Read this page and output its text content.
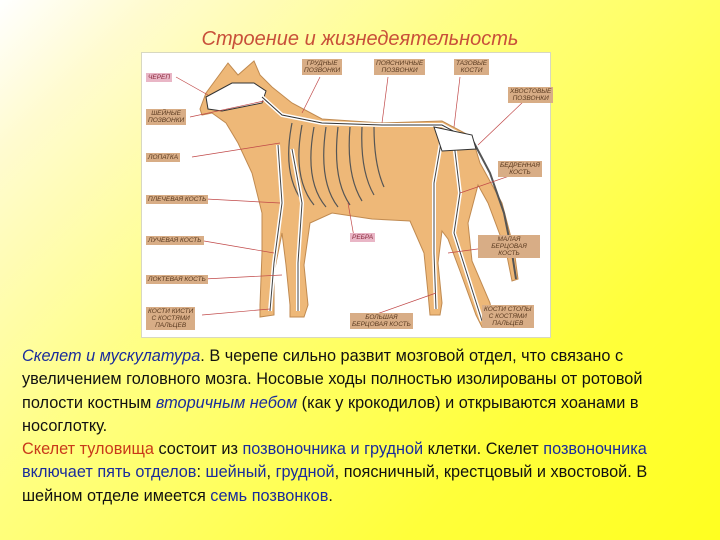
Строение и жизнедеятельность
ЧЕРЕП
ШЕЙНЫЕ
ПОЗВОНКИ
ЛОПАТКА
ПЛЕЧЕВАЯ КОСТЬ
ЛУЧЕВАЯ КОСТЬ
ЛОКТЕВАЯ КОСТЬ
КОСТИ КИСТИ
С КОСТЯМИ
ПАЛЬЦЕВ
ГРУДНЫЕ
ПОЗВОНКИ
ПОЯСНИЧНЫЕ
ПОЗВОНКИ
ТАЗОВЫЕ
КОСТИ
ХВОСТОВЫЕ
ПОЗВОНКИ
БЕДРЕННАЯ
КОСТЬ
РЕБРА	МАЛАЯ БЕРЦОВАЯ
КОСТЬ
БОЛЬШАЯ
БЕРЦОВАЯ КОСТЬ
КОСТИ СТОПЫ
С КОСТЯМИ
ПАЛЬЦЕВ
Скелет и мускулатура. В черепе сильно развит мозговой отдел, что связано с увеличением головного мозга. Носовые ходы полностью изолированы от ротовой полости костным вторичным небом (как у крокодилов) и открываются хоанами в носоглотку.
Скелет туловища состоит из позвоночника и грудной клетки. Скелет позвоночника включает пять отделов: шейный, грудной, поясничный, крестцовый и хвостовой. В шейном отделе имеется семь позвонков.
